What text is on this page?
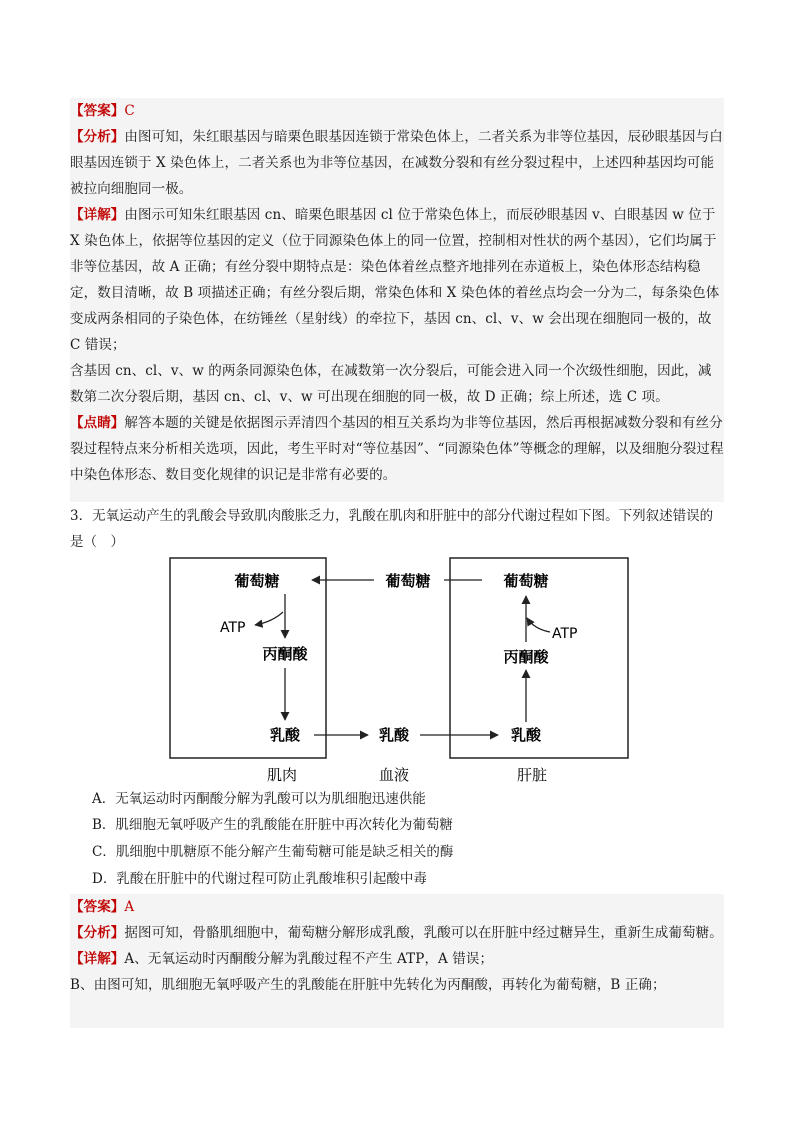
【答案】C

【分析】由图可知，朱红眼基因与暗栗色眼基因连锁于常染色体上，二者关系为非等位基因，辰砂眼基因与白眼基因连锁于 X 染色体上，二者关系也为非等位基因，在减数分裂和有丝分裂过程中，上述四种基因均可能被拉向细胞同一极。

【详解】由图示可知朱红眼基因 cn、暗栗色眼基因 cl 位于常染色体上，而辰砂眼基因 v、白眼基因 w 位于 X 染色体上，依据等位基因的定义（位于同源染色体上的同一位置，控制相对性状的两个基因），它们均属于非等位基因，故 A 正确；有丝分裂中期特点是：染色体着丝点整齐地排列在赤道板上，染色体形态结构稳定，数目清晰，故 B 项描述正确；有丝分裂后期，常染色体和 X 染色体的着丝点均会一分为二，每条染色体变成两条相同的子染色体，在纺锤丝（星射线）的牵拉下，基因 cn、cl、v、w 会出现在细胞同一极的，故 C 错误；

含基因 cn、cl、v、w 的两条同源染色体，在减数第一次分裂后，可能会进入同一个次级性细胞，因此，减数第二次分裂后期，基因 cn、cl、v、w 可出现在细胞的同一极，故 D 正确；综上所述，选 C 项。

【点睛】解答本题的关键是依据图示弄清四个基因的相互关系均为非等位基因，然后再根据减数分裂和有丝分裂过程特点来分析相关选项，因此，考生平时对“等位基因”、“同源染色体”等概念的理解，以及细胞分裂过程中染色体形态、数目变化规律的识记是非常有必要的。

3．无氧运动产生的乳酸会导致肌肉酸胀乏力，乳酸在肌肉和肝脏中的部分代谢过程如下图。下列叙述错误的是（　）
葡萄糖
ATP
丙酮酸
乳酸
葡萄糖
乳酸
葡萄糖
ATP
丙酮酸
乳酸
肌肉	血液	肝脏
A．无氧运动时丙酮酸分解为乳酸可以为肌细胞迅速供能
B．肌细胞无氧呼吸产生的乳酸能在肝脏中再次转化为葡萄糖
C．肌细胞中肌糖原不能分解产生葡萄糖可能是缺乏相关的酶
D．乳酸在肝脏中的代谢过程可防止乳酸堆积引起酸中毒

【答案】A

【分析】据图可知，骨骼肌细胞中，葡萄糖分解形成乳酸，乳酸可以在肝脏中经过糖异生，重新生成葡萄糖。

【详解】A、无氧运动时丙酮酸分解为乳酸过程不产生 ATP，A 错误；

B、由图可知，肌细胞无氧呼吸产生的乳酸能在肝脏中先转化为丙酮酸，再转化为葡萄糖，B 正确；
